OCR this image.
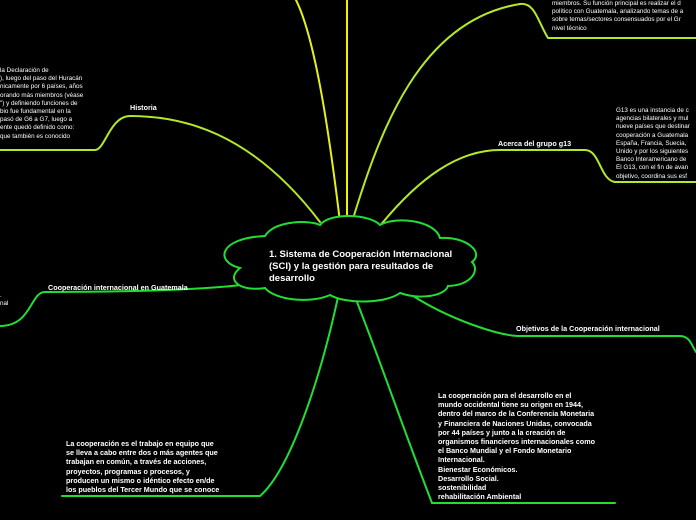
1. Sistema de Cooperación Internacional (SCI) y la gestión para resultados de desarrollo
Historia
la Declaración de
), luego del paso del Huracán
nicamente por 6 países, años
orando más miembros (véase
") y definiendo funciones de
bio fue fundamental en la
pasó de G6 a G7, luego a
ente quedó definido como:
que también es conocido
miembros. Su función principal es realizar el d
político con Guatemala, analizando temas de a
sobre temas/sectores consensuados por el Gr
nivel técnico
Acerca del grupo g13
G13 es una instancia de c
agencias bilaterales y mul
nueve países que destinar
cooperación a Guatemala
España, Francia, Suecia,
Unido y por los siguientes
Banco Interamericano de
El G13, con el fin de avan
objetivo, coordina sus esf
Cooperación internacional en Guatemala
.
nal
Objetivos de la Cooperación internacional
La cooperación para el desarrollo en el
mundo occidental tiene su origen en 1944,
dentro del marco de la Conferencia Monetaria
y Financiera de Naciones Unidas, convocada
por 44 países y junto a la creación de
organismos financieros internacionales como
el Banco Mundial y el Fondo Monetario
Internacional.
Bienestar Económicos.
Desarrollo Social.
sostenibilidad
rehabilitación Ambiental
La cooperación es el trabajo en equipo que
se lleva a cabo entre dos o más agentes que
trabajan en común, a través de acciones,
proyectos, programas o procesos, y
producen un mismo o idéntico efecto en/de
los pueblos del Tercer Mundo que se conoce
